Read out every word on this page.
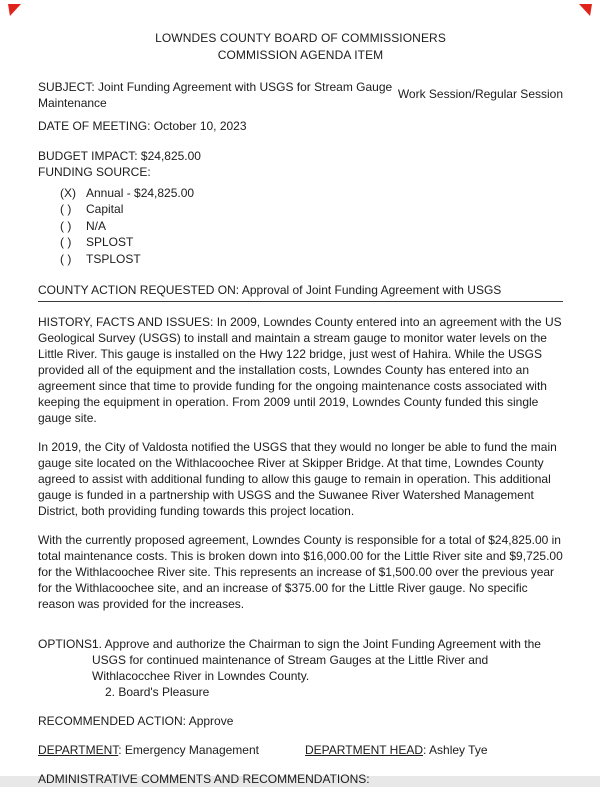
LOWNDES COUNTY BOARD OF COMMISSIONERS
COMMISSION AGENDA ITEM
SUBJECT: Joint Funding Agreement with USGS for Stream Gauge Maintenance
Work Session/Regular Session
DATE OF MEETING: October 10, 2023
BUDGET IMPACT: $24,825.00
FUNDING SOURCE:
(X) Annual - $24,825.00
( )	Capital
( )	N/A
( )	SPLOST
( )	TSPLOST
COUNTY ACTION REQUESTED ON: Approval of Joint Funding Agreement with USGS
HISTORY, FACTS AND ISSUES: In 2009, Lowndes County entered into an agreement with the US Geological Survey (USGS) to install and maintain a stream gauge to monitor water levels on the Little River. This gauge is installed on the Hwy 122 bridge, just west of Hahira. While the USGS provided all of the equipment and the installation costs, Lowndes County has entered into an agreement since that time to provide funding for the ongoing maintenance costs associated with keeping the equipment in operation. From 2009 until 2019, Lowndes County funded this single gauge site.
In 2019, the City of Valdosta notified the USGS that they would no longer be able to fund the main gauge site located on the Withlacoochee River at Skipper Bridge. At that time, Lowndes County agreed to assist with additional funding to allow this gauge to remain in operation. This additional gauge is funded in a partnership with USGS and the Suwanee River Watershed Management District, both providing funding towards this project location.
With the currently proposed agreement, Lowndes County is responsible for a total of $24,825.00 in total maintenance costs. This is broken down into $16,000.00 for the Little River site and $9,725.00 for the Withlacoochee River site. This represents an increase of $1,500.00 over the previous year for the Withlacoochee site, and an increase of $375.00 for the Little River gauge. No specific reason was provided for the increases.
OPTIONS:
1. Approve and authorize the Chairman to sign the Joint Funding Agreement with the USGS for continued maintenance of Stream Gauges at the Little River and Withlacocchee River in Lowndes County.
2. Board's Pleasure
RECOMMENDED ACTION: Approve
DEPARTMENT: Emergency Management	DEPARTMENT HEAD: Ashley Tye
ADMINISTRATIVE COMMENTS AND RECOMMENDATIONS:
